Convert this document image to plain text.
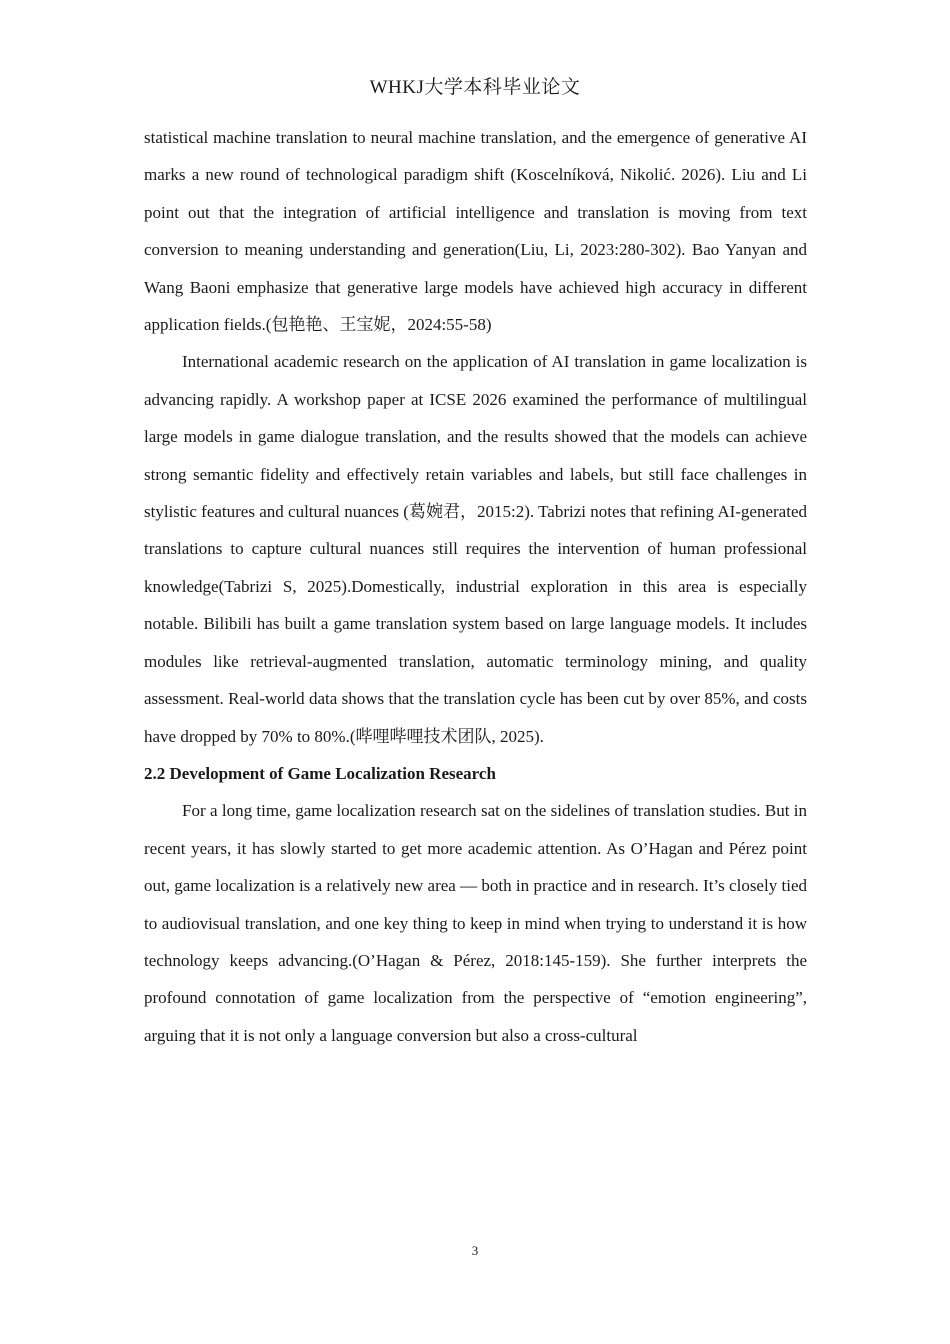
WHKJ大学本科毕业论文

statistical machine translation to neural machine translation, and the emergence of generative AI marks a new round of technological paradigm shift (Koscelníková, Nikolić. 2026). Liu and Li point out that the integration of artificial intelligence and translation is moving from text conversion to meaning understanding and generation(Liu, Li, 2023:280-302). Bao Yanyan and Wang Baoni emphasize that generative large models have achieved high accuracy in different application fields.(包艳艳、王宝妮，2024:55-58)

International academic research on the application of AI translation in game localization is advancing rapidly. A workshop paper at ICSE 2026 examined the performance of multilingual large models in game dialogue translation, and the results showed that the models can achieve strong semantic fidelity and effectively retain variables and labels, but still face challenges in stylistic features and cultural nuances (葛婉君，2015:2). Tabrizi notes that refining AI-generated translations to capture cultural nuances still requires the intervention of human professional knowledge(Tabrizi S, 2025).Domestically, industrial exploration in this area is especially notable. Bilibili has built a game translation system based on large language models. It includes modules like retrieval-augmented translation, automatic terminology mining, and quality assessment. Real-world data shows that the translation cycle has been cut by over 85%, and costs have dropped by 70% to 80%.(哔哩哔哩技术团队, 2025).

2.2 Development of Game Localization Research

For a long time, game localization research sat on the sidelines of translation studies. But in recent years, it has slowly started to get more academic attention. As O’Hagan and Pérez point out, game localization is a relatively new area — both in practice and in research. It’s closely tied to audiovisual translation, and one key thing to keep in mind when trying to understand it is how technology keeps advancing.(O’Hagan & Pérez, 2018:145-159). She further interprets the profound connotation of game localization from the perspective of “emotion engineering”, arguing that it is not only a language conversion but also a cross-cultural

3
